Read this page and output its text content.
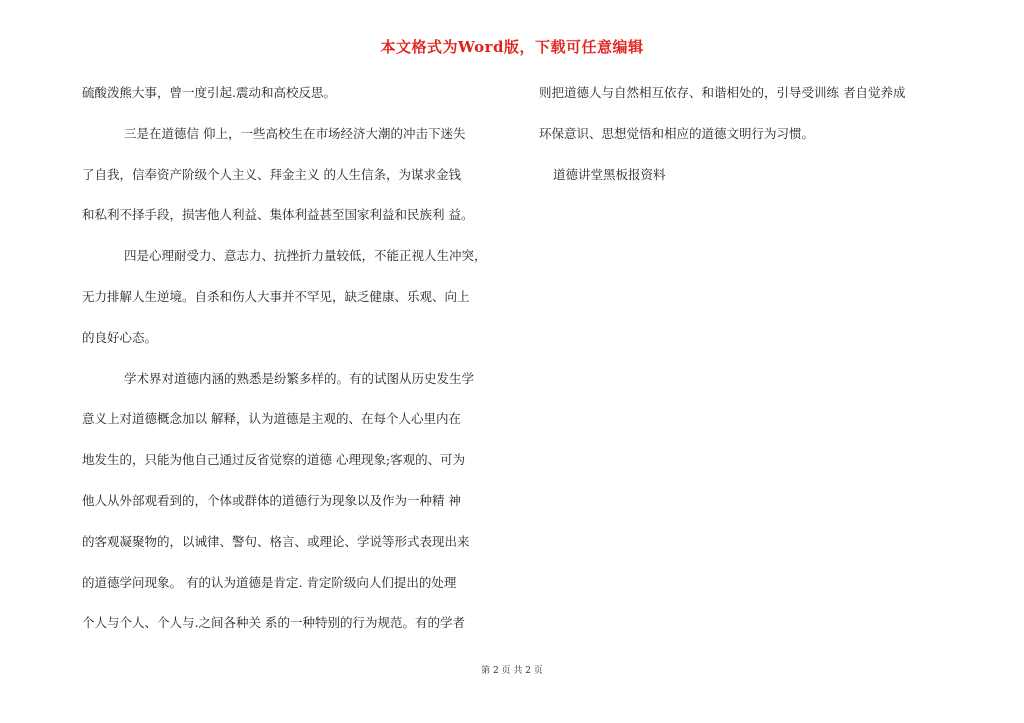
本文格式为Word版，下载可任意编辑
硫酸泼熊大事，曾一度引起.震动和高校反思。
三是在道德信 仰上，一些高校生在市场经济大潮的冲击下迷失
了自我，信奉资产阶级个人主义、拜金主义 的人生信条，为谋求金钱
和私利不择手段，损害他人利益、集体利益甚至国家利益和民族利 益。
四是心理耐受力、意志力、抗挫折力量较低，不能正视人生冲突，
无力排解人生逆境。自杀和伤人大事并不罕见，缺乏健康、乐观、向上
的良好心态。
学术界对道德内涵的熟悉是纷繁多样的。有的试图从历史发生学
意义上对道德概念加以 解释，认为道德是主观的、在每个人心里内在
地发生的，只能为他自己通过反省觉察的道德 心理现象;客观的、可为
他人从外部观看到的，个体或群体的道德行为现象以及作为一种精 神
的客观凝聚物的，以诫律、警句、格言、或理论、学说等形式表现出来
的道德学问现象。 有的认为道德是肯定. 肯定阶级向人们提出的处理
个人与个人、个人与.之间各种关 系的一种特别的行为规范。有的学者
则把道德人与自然相互依存、和谐相处的，引导受训练 者自觉养成
环保意识、思想觉悟和相应的道德文明行为习惯。
道德讲堂黑板报资料
第 2 页 共 2 页
